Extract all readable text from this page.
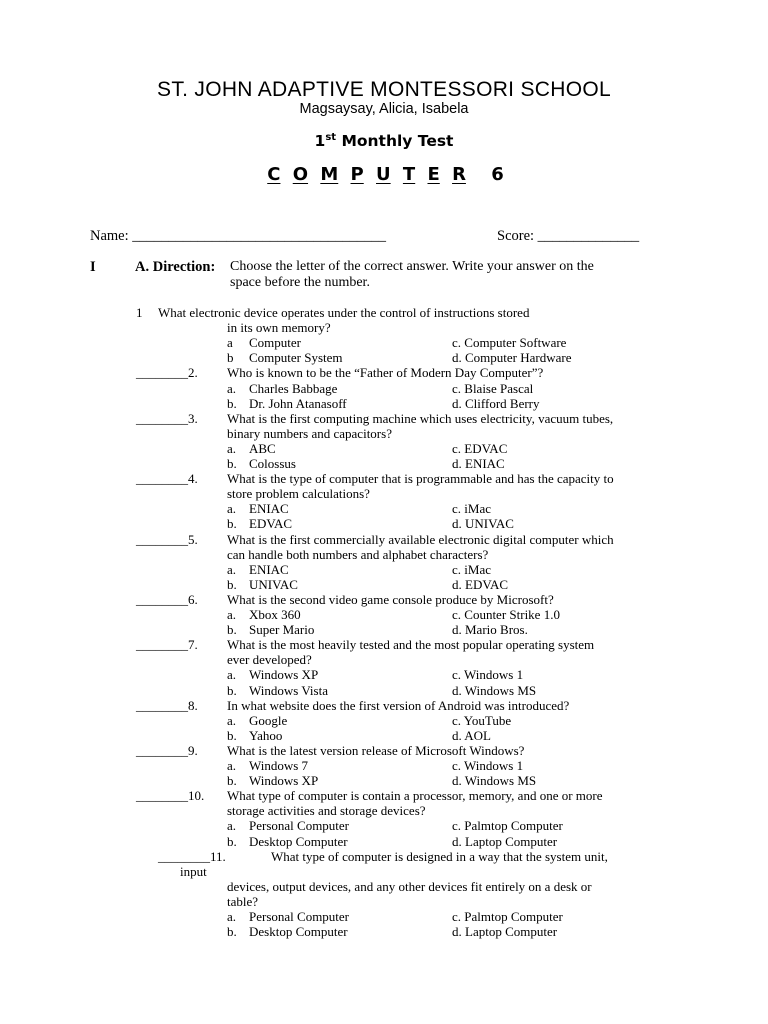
ST. JOHN ADAPTIVE MONTESSORI SCHOOL
Magsaysay, Alicia, Isabela
1st Monthly Test
C O M P U T E R 6
Name: ___________________________________	Score: ______________
I	A. Direction: Choose the letter of the correct answer. Write your answer on the
space before the number.
1 What electronic device operates under the control of instructions stored
in its own memory?
a Computer	c. Computer Software
b Computer System	d. Computer Hardware
________2. Who is known to be the “Father of Modern Day Computer”?
a. Charles Babbage	c. Blaise Pascal
b. Dr. John Atanasoff	d. Clifford Berry
________3. What is the first computing machine which uses electricity, vacuum tubes,
binary numbers and capacitors?
a. ABC	c. EDVAC
b. Colossus	d. ENIAC
________4. What is the type of computer that is programmable and has the capacity to
store problem calculations?
a. ENIAC	c. iMac
b. EDVAC	d. UNIVAC
________5. What is the first commercially available electronic digital computer which
can handle both numbers and alphabet characters?
a. ENIAC	c. iMac
b. UNIVAC	d. EDVAC
________6. What is the second video game console produce by Microsoft?
a. Xbox 360	c. Counter Strike 1.0
b. Super Mario	d. Mario Bros.
________7. What is the most heavily tested and the most popular operating system
ever developed?
a. Windows XP	c. Windows 1
b. Windows Vista	d. Windows MS
________8. In what website does the first version of Android was introduced?
a. Google	c. YouTube
b. Yahoo	d. AOL
________9. What is the latest version release of Microsoft Windows?
a. Windows 7	c. Windows 1
b. Windows XP	d. Windows MS
________10. What type of computer is contain a processor, memory, and one or more
storage activities and storage devices?
a. Personal Computer	c. Palmtop Computer
b. Desktop Computer	d. Laptop Computer
________11.	What type of computer is designed in a way that the system unit,
input
devices, output devices, and any other devices fit entirely on a desk or
table?
a. Personal Computer	c. Palmtop Computer
b. Desktop Computer	d. Laptop Computer
